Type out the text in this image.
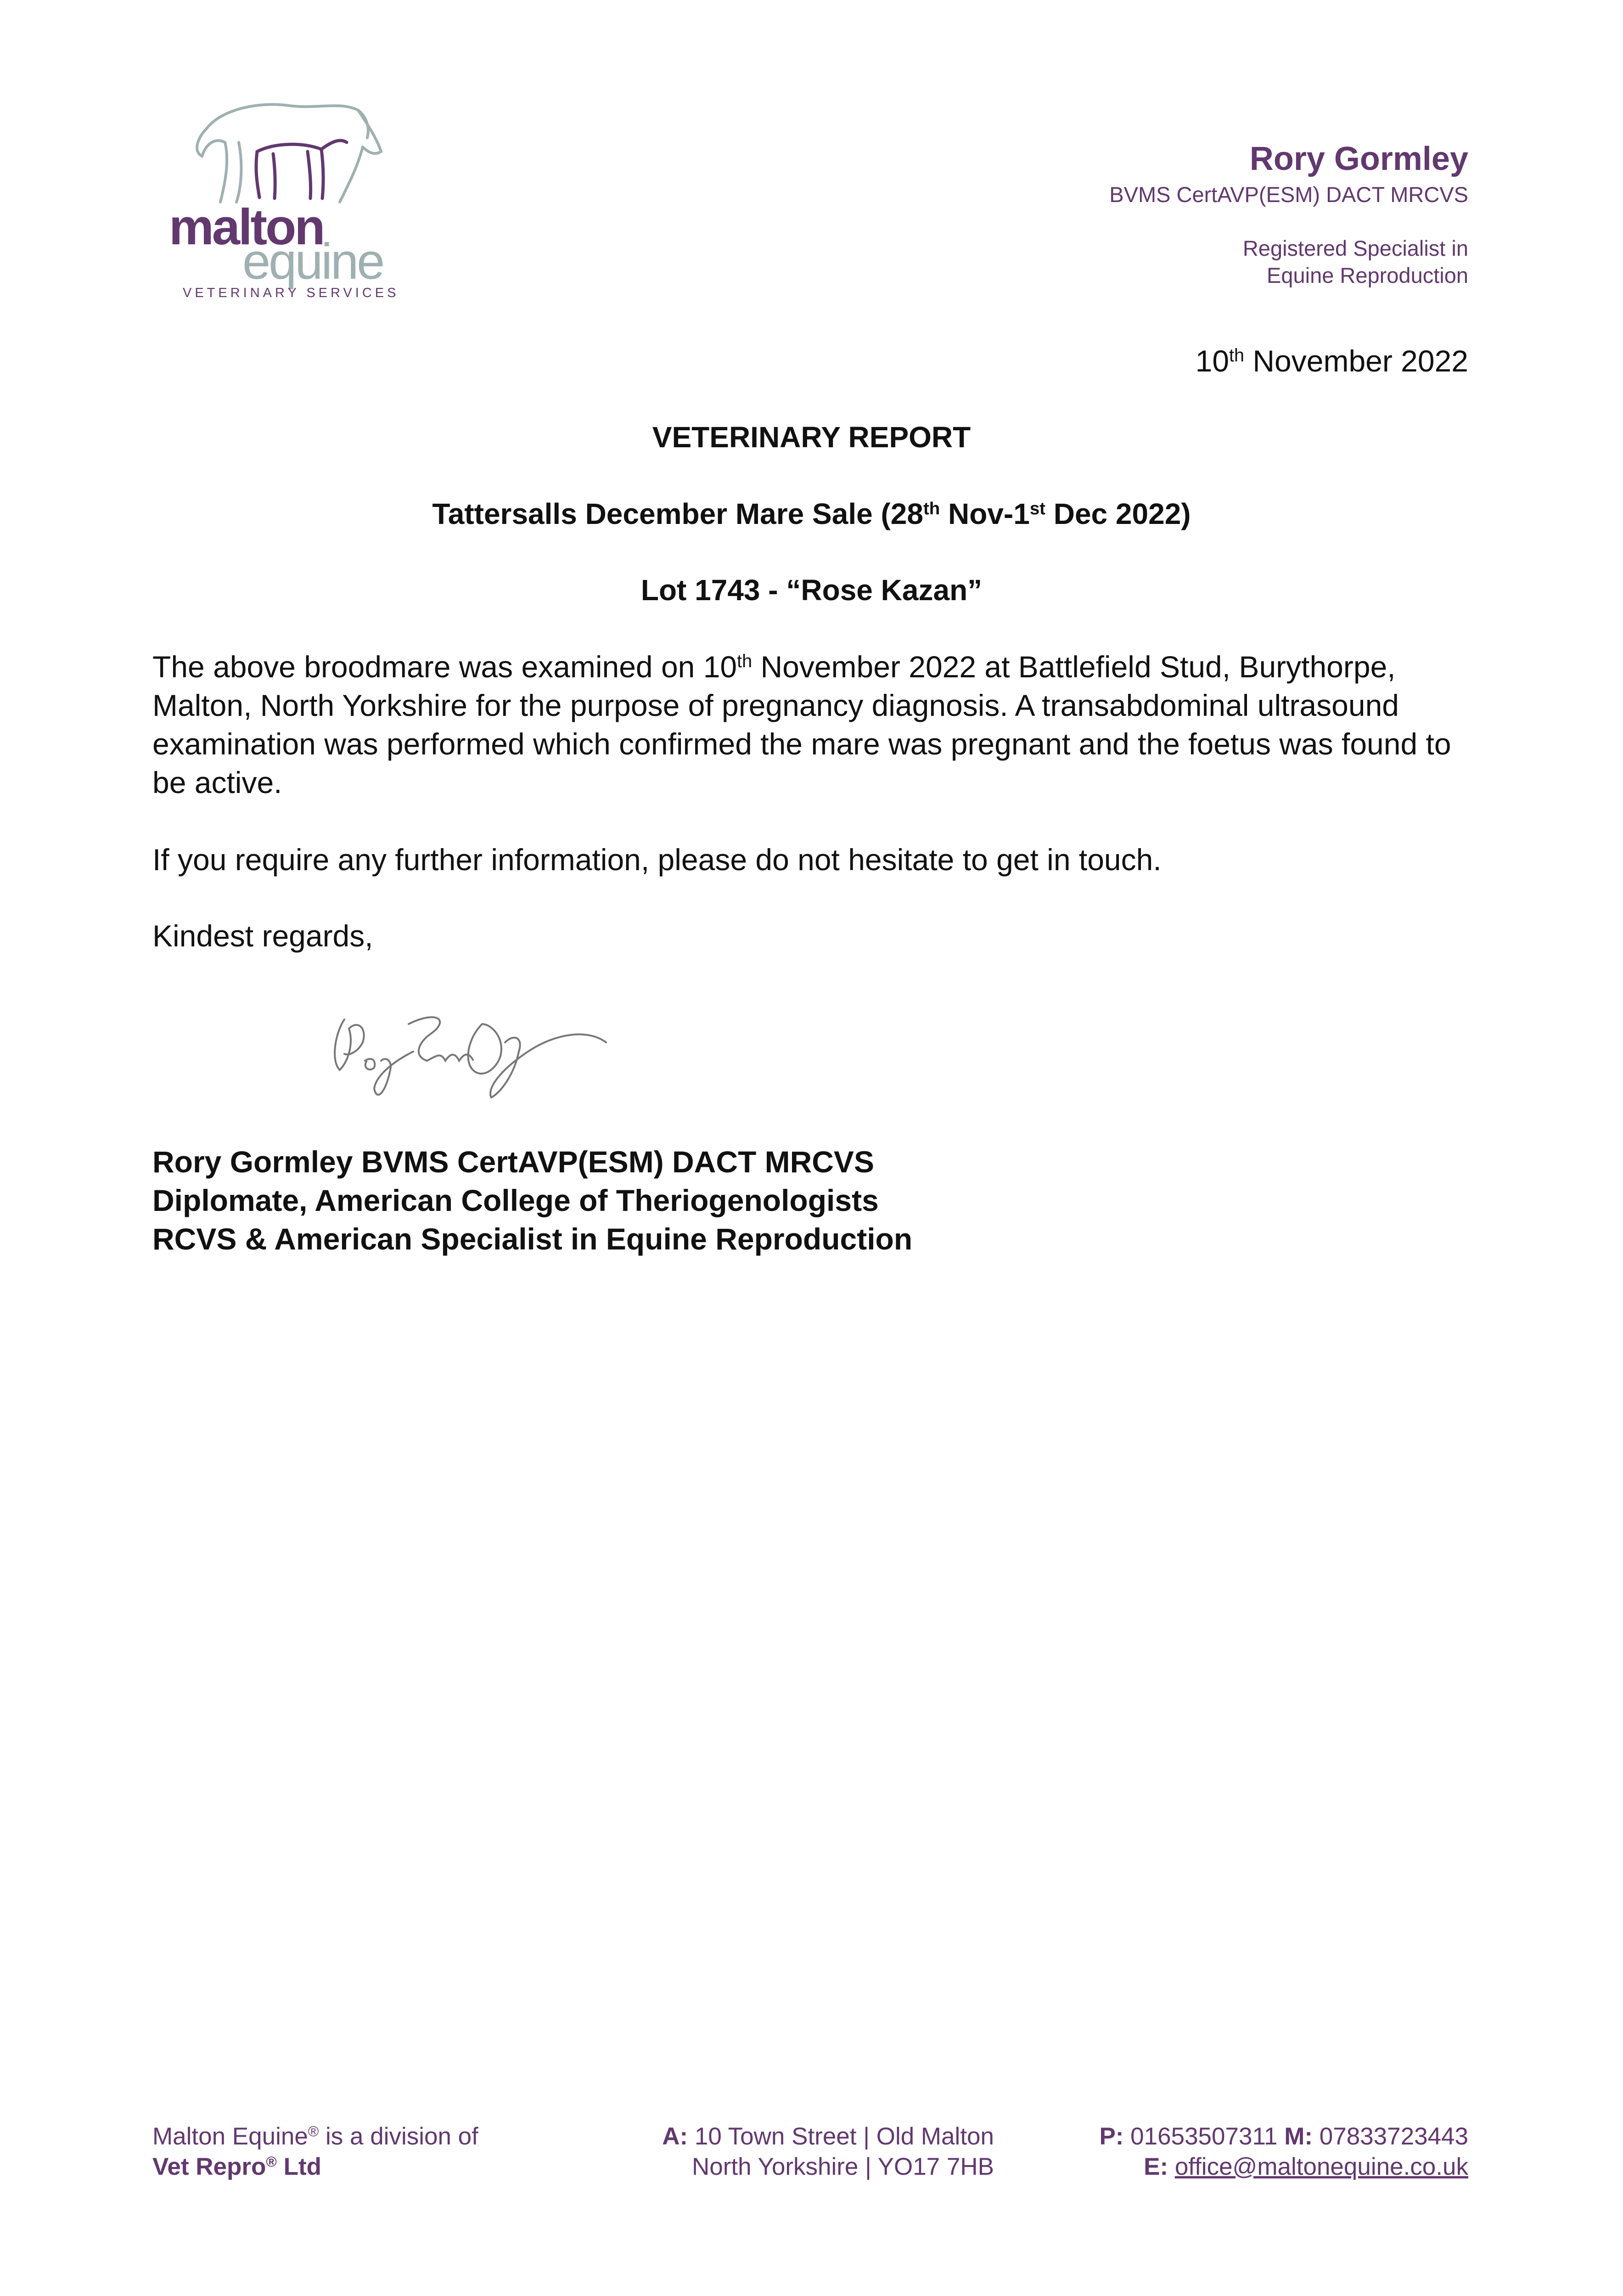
malton
equine
VETERINARY SERVICES
Rory Gormley
BVMS CertAVP(ESM) DACT MRCVS
Registered Specialist in
Equine Reproduction
10th November 2022
VETERINARY REPORT
Tattersalls December Mare Sale (28th Nov-1st Dec 2022)
Lot 1743 - “Rose Kazan”
The above broodmare was examined on 10th November 2022 at Battlefield Stud, Burythorpe, Malton, North Yorkshire for the purpose of pregnancy diagnosis. A transabdominal ultrasound examination was performed which confirmed the mare was pregnant and the foetus was found to be active.
If you require any further information, please do not hesitate to get in touch.
Kindest regards,
Rory Gormley BVMS CertAVP(ESM) DACT MRCVS
Diplomate, American College of Theriogenologists
RCVS & American Specialist in Equine Reproduction
Malton Equine® is a division of
Vet Repro® Ltd
A: 10 Town Street | Old Malton
North Yorkshire | YO17 7HB
P: 01653507311 M: 07833723443
E: office@maltonequine.co.uk
